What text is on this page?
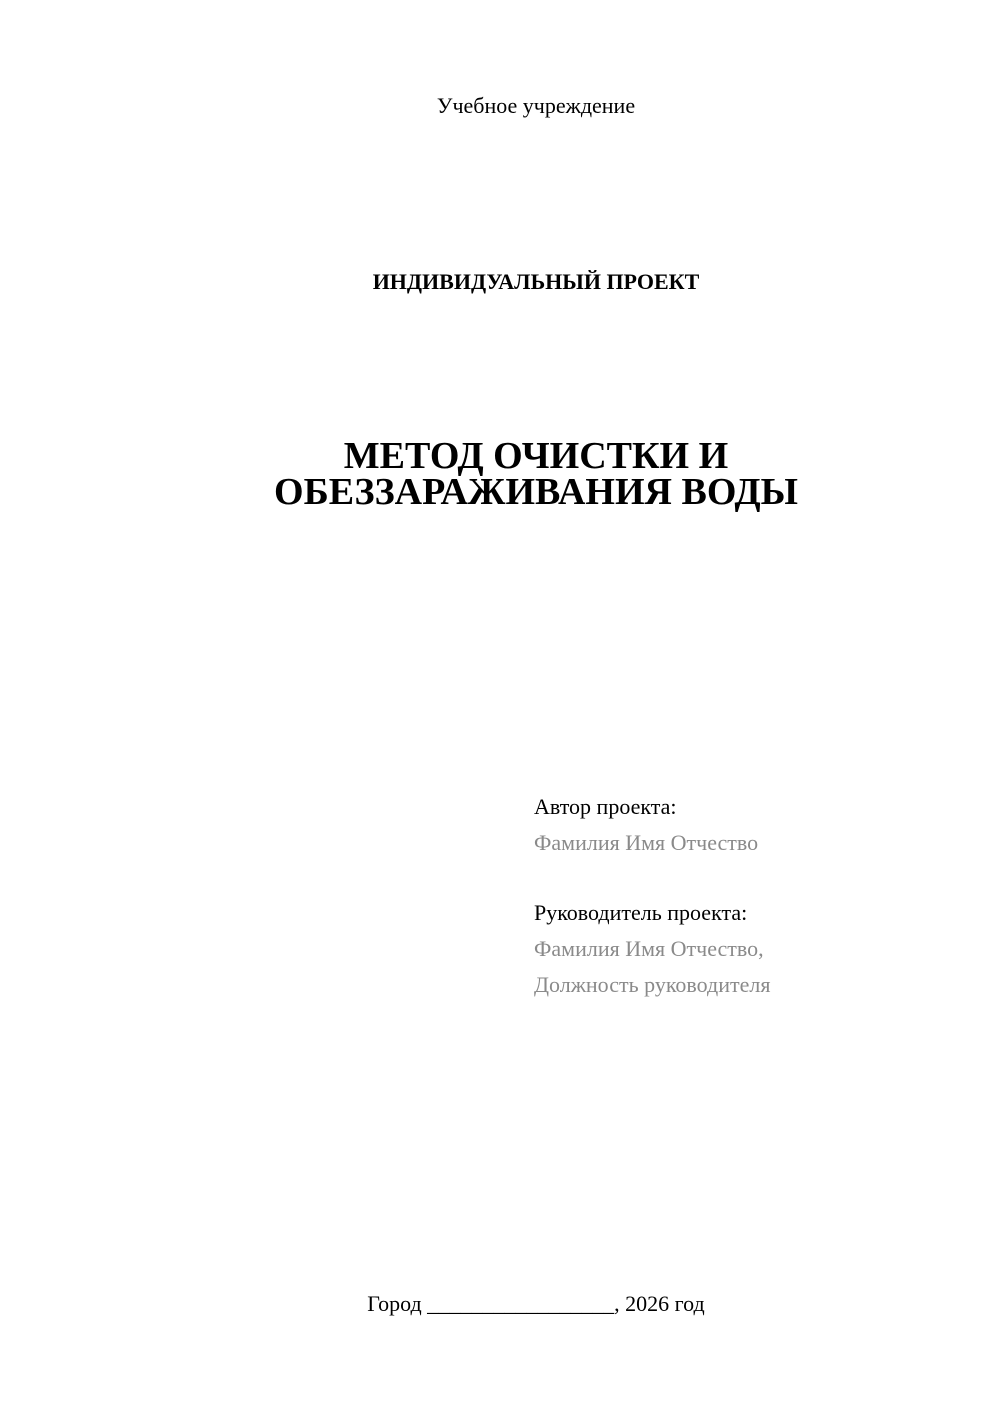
Учебное учреждение
ИНДИВИДУАЛЬНЫЙ ПРОЕКТ
МЕТОД ОЧИСТКИ И
ОБЕЗЗАРАЖИВАНИЯ ВОДЫ
Автор проекта:
Фамилия Имя Отчество
Руководитель проекта:
Фамилия Имя Отчество,
Должность руководителя
Город _________________, 2026 год
